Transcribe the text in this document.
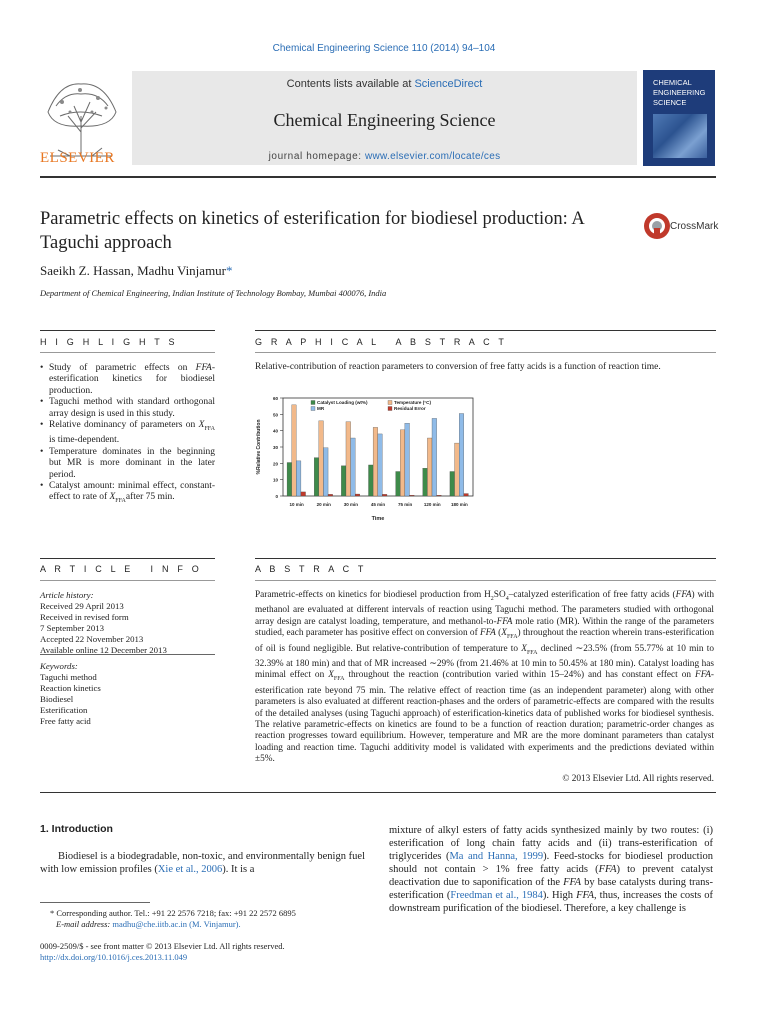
Chemical Engineering Science 110 (2014) 94–104
ELSEVIER
Contents lists available at ScienceDirect
Chemical Engineering Science
journal homepage: www.elsevier.com/locate/ces
CHEMICAL
ENGINEERING
SCIENCE
Parametric effects on kinetics of esterification for biodiesel production: A Taguchi approach
CrossMark
Saeikh Z. Hassan, Madhu Vinjamur*
Department of Chemical Engineering, Indian Institute of Technology Bombay, Mumbai 400076, India
H I G H L I G H T S	G R A P H I C A L   A B S T R A C T
• Study of parametric effects on FFA-esterification kinetics for biodiesel production.
• Taguchi method with standard orthogonal array design is used in this study.
• Relative dominancy of parameters on $X_{FFA}$ is time-dependent.
• Temperature dominates in the beginning but MR is more dominant in the later period.
• Catalyst amount: minimal effect, constant-effect to rate of $X_{FFA}after$ 75 min.
Relative-contribution of reaction parameters to conversion of free fatty acids is a function of reaction time.
0
10
20
30
40
50
60
10 min	20 min	30 min	45 min	75 min	120 min 180 min
Time
%Relative Contribution
Catalyst Loading (wt%)	Temperature (°C)
MR	Residual Error
A R T I C L E   I N F O	A B S T R A C T
Article history:
Received 29 April 2013
Received in revised form
7 September 2013
Accepted 22 November 2013
Available online 12 December 2013
Keywords:
Taguchi method
Reaction kinetics
Biodiesel
Esterification
Free fatty acid
Parametric-effects on kinetics for biodiesel production from $H_2SO_4$–catalyzed esterification of free fatty acids (FFA) with methanol are evaluated at different intervals of reaction using Taguchi method. The parameters studied with orthogonal array design are catalyst loading, temperature, and methanol-to-FFA mole ratio (MR). Within the range of the parameters studied, each parameter has positive effect on conversion of FFA $(X_{FFA})$ throughout the reaction wherein trans-esterification of oil is found negligible. But relative-contribution of temperature to $X_{FFA}$ declined ∼23.5% (from 55.77% at 10 min to 32.39% at 180 min) and that of MR increased ∼29% (from 21.46% at 10 min to 50.45% at 180 min). Catalyst loading has minimal effect on $X_{FFA}$ throughout the reaction (contribution varied within 15–24%) and has constant effect on FFA-esterification rate beyond 75 min. The relative effect of reaction time (as an independent parameter) along with other parameters is also evaluated at different reaction-phases and the orders of parametric-effects are compared with the results of the detailed analyses (using Taguchi approach) of esterification-kinetics data of published works for biodiesel synthesis. The relative parametric-effects on kinetics are found to be a function of reaction duration; parametric-order changes as reaction progresses toward equilibrium. However, temperature and MR are the more dominant parameters than catalyst loading and reaction time. Taguchi additivity model is validated with experiments and the predictions deviated within ±5%.
© 2013 Elsevier Ltd. All rights reserved.
1. Introduction
Biodiesel is a biodegradable, non-toxic, and environmentally benign fuel with low emission profiles (Xie et al., 2006). It is a
mixture of alkyl esters of fatty acids synthesized mainly by two routes: (i) esterification of long chain fatty acids and (ii) trans-esterification of triglycerides (Ma and Hanna, 1999). Feed-stocks for biodiesel production should not contain > 1% free fatty acids (FFA) to prevent catalyst deactivation due to saponification of the FFA by base catalysts during trans-esterification (Freedman et al., 1984). High FFA, thus, increases the costs of downstream purification of the biodiesel. Therefore, a key challenge is
* Corresponding author. Tel.: +91 22 2576 7218; fax: +91 22 2572 6895
E-mail address: madhu@che.iitb.ac.in (M. Vinjamur).
0009-2509/$ - see front matter © 2013 Elsevier Ltd. All rights reserved.
http://dx.doi.org/10.1016/j.ces.2013.11.049
